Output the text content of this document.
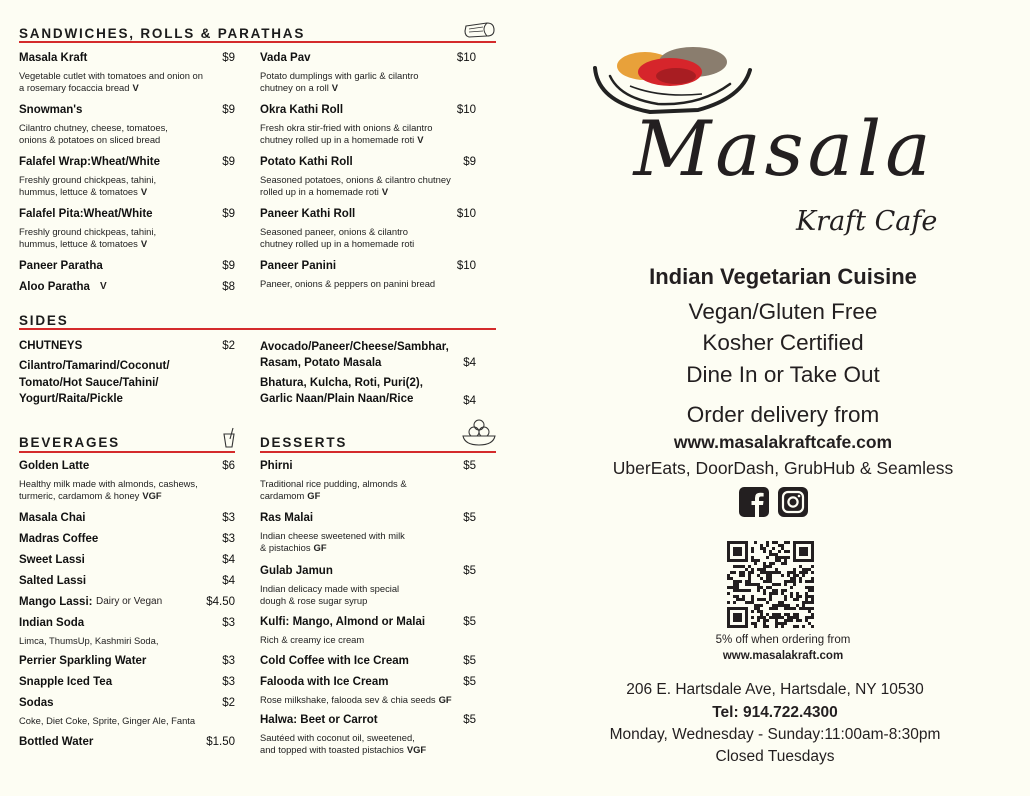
SANDWICHES, ROLLS & PARATHAS
Masala Kraft	$9
Vegetable cutlet with tomatoes and onion on
a rosemary focaccia bread V
Snowman's	$9
Cilantro chutney, cheese, tomatoes,
onions & potatoes on sliced bread
Falafel Wrap:Wheat/White	$9
Freshly ground chickpeas, tahini,
hummus, lettuce & tomatoes V
Falafel Pita:Wheat/White	$9
Freshly ground chickpeas, tahini,
hummus, lettuce & tomatoes V
Paneer Paratha	$9
Aloo Paratha	V	$8
Vada Pav	$10
Potato dumplings with garlic & cilantro
chutney on a roll V
Okra Kathi Roll	$10
Fresh okra stir-fried with onions & cilantro
chutney rolled up in a homemade roti V
Potato Kathi Roll	$9
Seasoned potatoes, onions & cilantro chutney
rolled up in a homemade roti V
Paneer Kathi Roll	$10
Seasoned paneer, onions & cilantro
chutney rolled up in a homemade roti
Paneer Panini	$10
Paneer, onions & peppers on panini bread
SIDES
CHUTNEYS	$2
Cilantro/Tamarind/Coconut/
Tomato/Hot Sauce/Tahini/
Yogurt/Raita/Pickle
Avocado/Paneer/Cheese/Sambhar,
Rasam, Potato Masala	$4
Bhatura, Kulcha, Roti, Puri(2),
Garlic Naan/Plain Naan/Rice	$4
BEVERAGES
Golden Latte	$6
Healthy milk made with almonds, cashews,
turmeric, cardamom & honey VGF
Masala Chai	$3
Madras Coffee	$3
Sweet Lassi	$4
Salted Lassi	$4
Mango Lassi: Dairy or Vegan	$4.50
Indian Soda	$3
Limca, ThumsUp, Kashmiri Soda,
Perrier Sparkling Water	$3
Snapple Iced Tea	$3
Sodas	$2
Coke, Diet Coke, Sprite, Ginger Ale, Fanta
Bottled Water	$1.50
DESSERTS
Phirni	$5
Traditional rice pudding, almonds &
cardamom GF
Ras Malai	$5
Indian cheese sweetened with milk
& pistachios GF
Gulab Jamun	$5
Indian delicacy made with special
dough & rose sugar syrup
Kulfi: Mango, Almond or Malai	$5
Rich & creamy ice cream
Cold Coffee with Ice Cream	$5
Falooda with Ice Cream	$5
Rose milkshake, falooda sev & chia seeds GF
Halwa: Beet or Carrot	$5
Sautéed with coconut oil, sweetened,
and topped with toasted pistachios VGF
Masala
Kraft Cafe
Indian Vegetarian Cuisine
Vegan/Gluten Free
Kosher Certified
Dine In or Take Out
Order delivery from
www.masalakraftcafe.com
UberEats, DoorDash, GrubHub & Seamless
5% off when ordering from
www.masalakraft.com
206 E. Hartsdale Ave, Hartsdale, NY 10530
Tel: 914.722.4300
Monday, Wednesday - Sunday:11:00am-8:30pm
Closed Tuesdays
